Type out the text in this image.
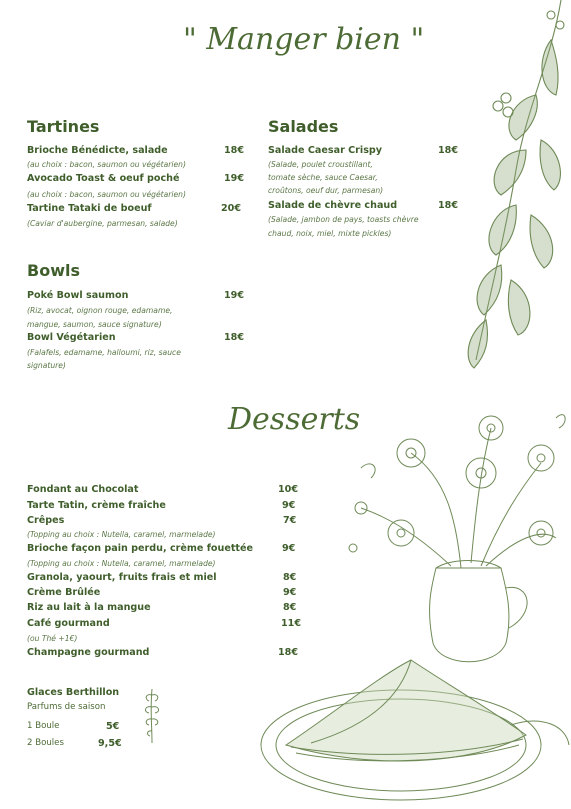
" Manger bien "
Tartines
Brioche Bénédicte, salade	18€
(au choix : bacon, saumon ou végétarien)
Avocado Toast & oeuf poché	19€
(au choix : bacon, saumon ou végétarien)
Tartine Tataki de boeuf	20€
(Caviar d'aubergine, parmesan, salade)
Salades
Salade Caesar Crispy	18€
(Salade, poulet croustillant,
tomate sèche, sauce Caesar,
croûtons, oeuf dur, parmesan)
Salade de chèvre chaud	18€
(Salade, jambon de pays, toasts chèvre
chaud, noix, miel, mixte pickles)
Bowls
Poké Bowl saumon	19€
(Riz, avocat, oignon rouge, edamame,
mangue, saumon, sauce signature)
Bowl Végétarien	18€
(Falafels, edamame, halloumi, riz, sauce
signature)
Desserts
Fondant au Chocolat	10€
Tarte Tatin, crème fraîche	9€
Crêpes	7€
(Topping au choix : Nutella, caramel, marmelade)
Brioche façon pain perdu, crème fouettée	9€
(Topping au choix : Nutella, caramel, marmelade)
Granola, yaourt, fruits frais et miel	8€
Crème Brûlée	9€
Riz au lait à la mangue	8€
Café gourmand	11€
(ou Thé +1€)
Champagne gourmand	18€
Glaces Berthillon
Parfums de saison
1 Boule	5€
2 Boules	9,5€
